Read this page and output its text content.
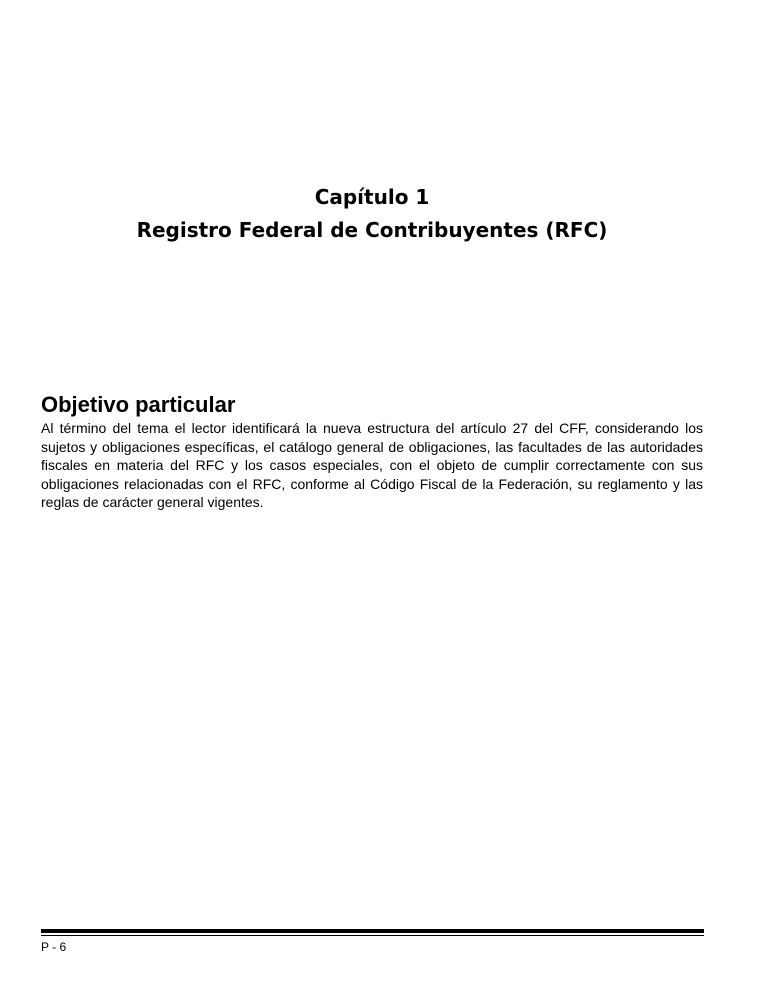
Capítulo 1
Registro Federal de Contribuyentes (RFC)
Objetivo particular

Al término del tema el lector identificará la nueva estructura del artículo 27 del CFF, considerando los sujetos y obligaciones específicas, el catálogo general de obligaciones, las facultades de las autoridades fiscales en materia del RFC y los casos especiales, con el objeto de cumplir correctamente con sus obligaciones relacionadas con el RFC, conforme al Código Fiscal de la Federación, su reglamento y las reglas de carácter general vigentes.

P - 6
